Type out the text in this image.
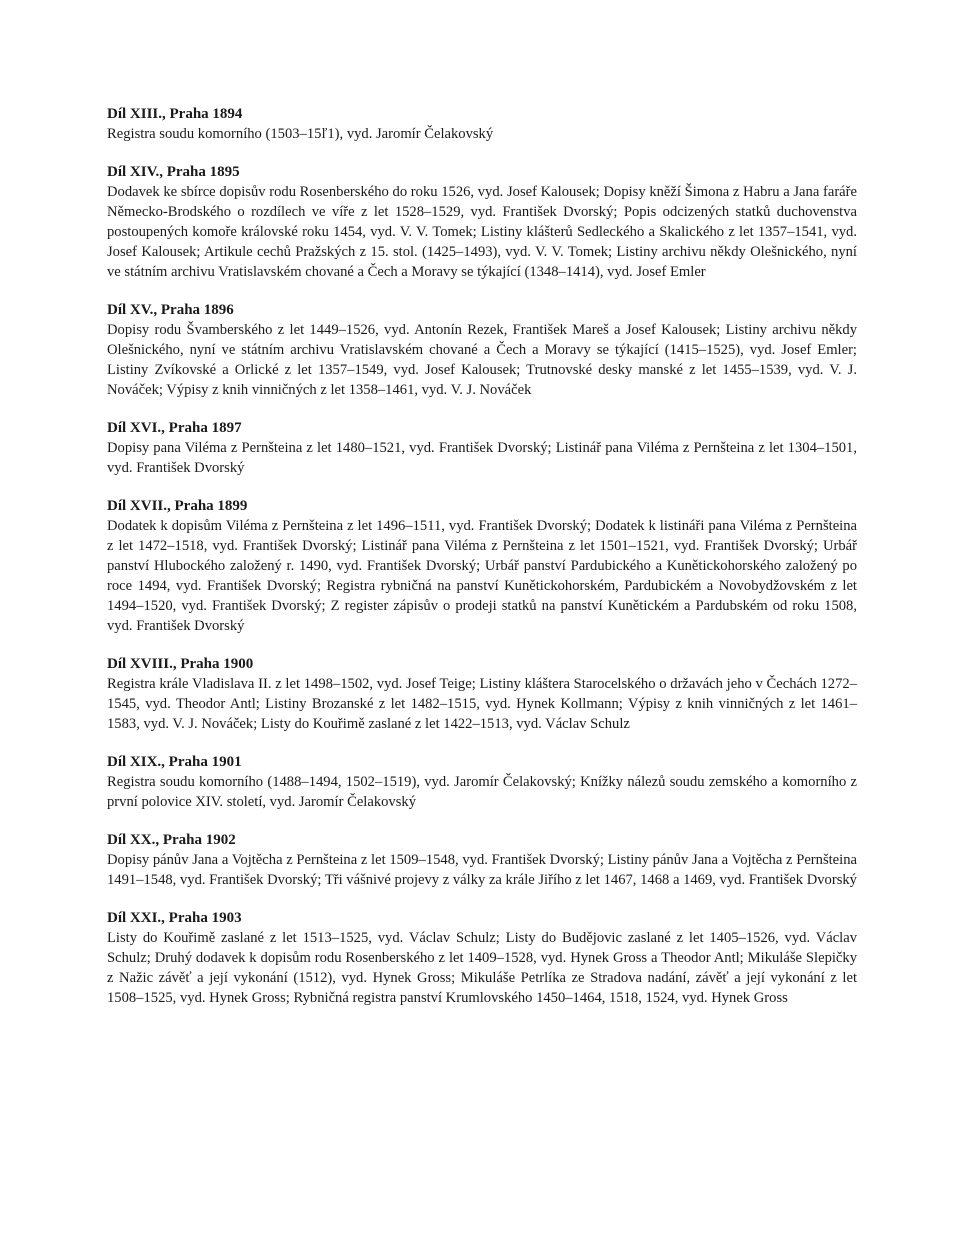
Díl XIII., Praha 1894

Registra soudu komorního (1503–15ľ1), vyd. Jaromír Čelakovský

Díl XIV., Praha 1895

Dodavek ke sbírce dopisův rodu Rosenberského do roku 1526, vyd. Josef Kalousek; Dopisy kněží Šimona z Habru a Jana faráře Německo-Brodského o rozdílech ve víře z let 1528–1529, vyd. František Dvorský; Popis odcizených statků duchovenstva postoupených komoře královské roku 1454, vyd. V. V. Tomek; Listiny klášterů Sedleckého a Skalického z let 1357–1541, vyd. Josef Kalousek; Artikule cechů Pražských z 15. stol. (1425–1493), vyd. V. V. Tomek; Listiny archivu někdy Olešnického, nyní ve státním archivu Vratislavském chované a Čech a Moravy se týkající (1348–1414), vyd. Josef Emler

Díl XV., Praha 1896

Dopisy rodu Švamberského z let 1449–1526, vyd. Antonín Rezek, František Mareš a Josef Kalousek; Listiny archivu někdy Olešnického, nyní ve státním archivu Vratislavském chované a Čech a Moravy se týkající (1415–1525), vyd. Josef Emler; Listiny Zvíkovské a Orlické z let 1357–1549, vyd. Josef Kalousek; Trutnovské desky manské z let 1455–1539, vyd. V. J. Nováček; Výpisy z knih vinničných z let 1358–1461, vyd. V. J. Nováček

Díl XVI., Praha 1897

Dopisy pana Viléma z Pernšteina z let 1480–1521, vyd. František Dvorský; Listinář pana Viléma z Pernšteina z let 1304–1501, vyd. František Dvorský

Díl XVII., Praha 1899

Dodatek k dopisům Viléma z Pernšteina z let 1496–1511, vyd. František Dvorský; Dodatek k listináři pana Viléma z Pernšteina z let 1472–1518, vyd. František Dvorský; Listinář pana Viléma z Pernšteina z let 1501–1521, vyd. František Dvorský; Urbář panství Hlubockého založený r. 1490, vyd. František Dvorský; Urbář panství Pardubického a Kunětickohorského založený po roce 1494, vyd. František Dvorský; Registra rybničná na panství Kunětickohorském, Pardubickém a Novobydžovském z let 1494–1520, vyd. František Dvorský; Z register zápisův o prodeji statků na panství Kunětickém a Pardubském od roku 1508, vyd. František Dvorský

Díl XVIII., Praha 1900

Registra krále Vladislava II. z let 1498–1502, vyd. Josef Teige; Listiny kláštera Starocelského o državách jeho v Čechách 1272–1545, vyd. Theodor Antl; Listiny Brozanské z let 1482–1515, vyd. Hynek Kollmann; Výpisy z knih vinničných z let 1461–1583, vyd. V. J. Nováček; Listy do Kouřimě zaslané z let 1422–1513, vyd. Václav Schulz

Díl XIX., Praha 1901

Registra soudu komorního (1488–1494, 1502–1519), vyd. Jaromír Čelakovský; Knížky nálezů soudu zemského a komorního z první polovice XIV. století, vyd. Jaromír Čelakovský

Díl XX., Praha 1902

Dopisy pánův Jana a Vojtěcha z Pernšteina z let 1509–1548, vyd. František Dvorský; Listiny pánův Jana a Vojtěcha z Pernšteina 1491–1548, vyd. František Dvorský; Tři vášnivé projevy z války za krále Jiřího z let 1467, 1468 a 1469, vyd. František Dvorský

Díl XXI., Praha 1903

Listy do Kouřimě zaslané z let 1513–1525, vyd. Václav Schulz; Listy do Budějovic zaslané z let 1405–1526, vyd. Václav Schulz; Druhý dodavek k dopisům rodu Rosenberského z let 1409–1528, vyd. Hynek Gross a Theodor Antl; Mikuláše Slepičky z Nažic závěť a její vykonání (1512), vyd. Hynek Gross; Mikuláše Petrlíka ze Stradova nadání, závěť a její vykonání z let 1508–1525, vyd. Hynek Gross; Rybničná registra panství Krumlovského 1450–1464, 1518, 1524, vyd. Hynek Gross
